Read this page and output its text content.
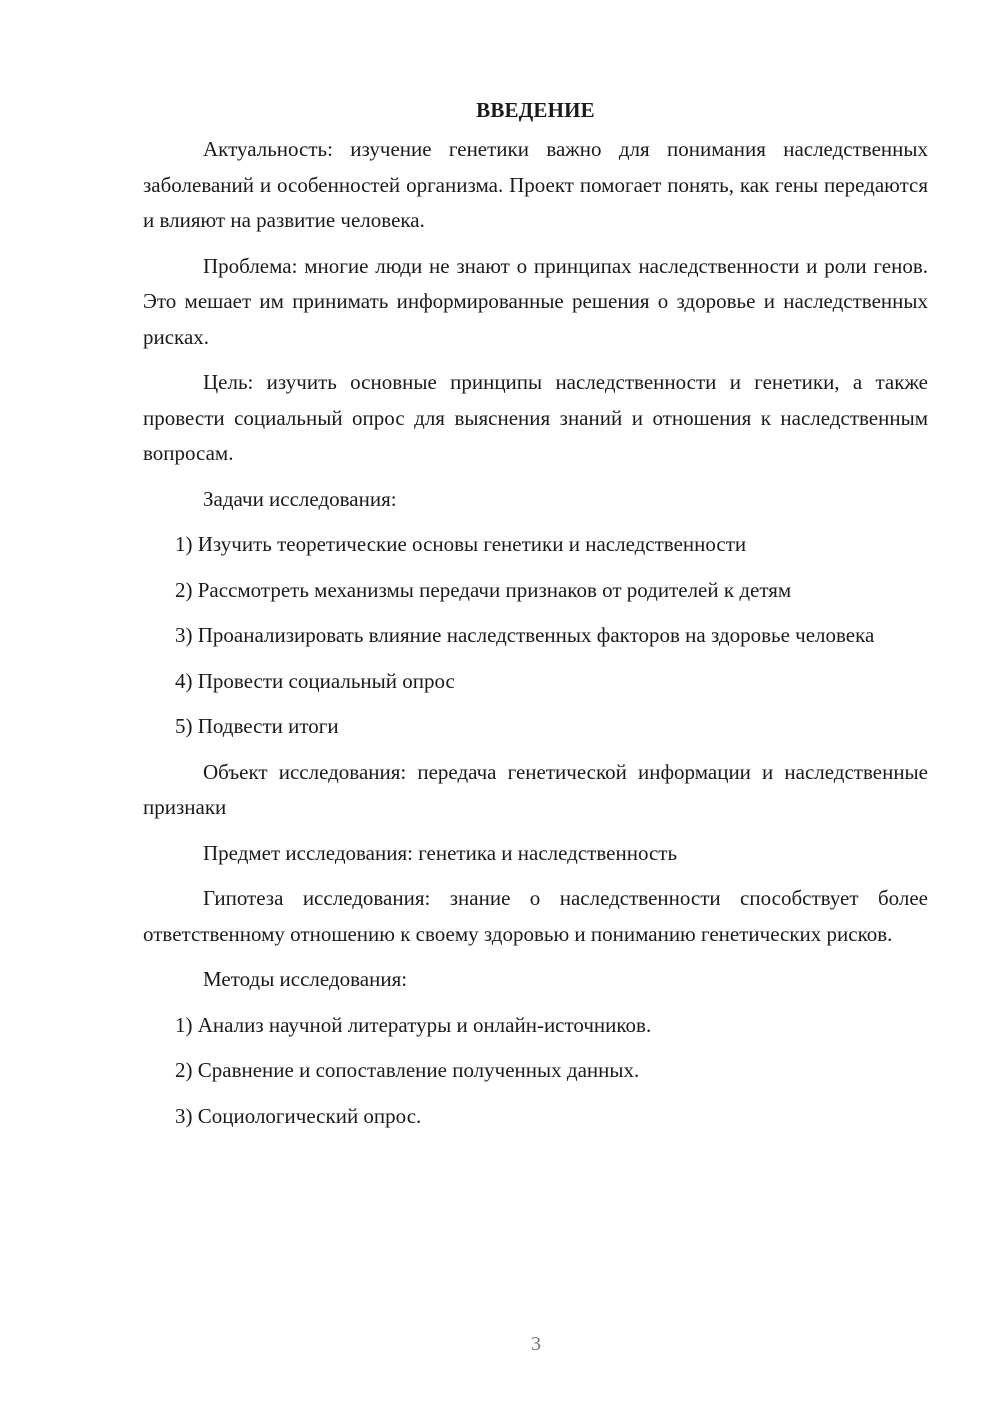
ВВЕДЕНИЕ

Актуальность: изучение генетики важно для понимания наследственных заболеваний и особенностей организма. Проект помогает понять, как гены передаются и влияют на развитие человека.

Проблема: многие люди не знают о принципах наследственности и роли генов. Это мешает им принимать информированные решения о здоровье и наследственных рисках.

Цель: изучить основные принципы наследственности и генетики, а также провести социальный опрос для выяснения знаний и отношения к наследственным вопросам.

Задачи исследования:

1) Изучить теоретические основы генетики и наследственности

2) Рассмотреть механизмы передачи признаков от родителей к детям

3) Проанализировать влияние наследственных факторов на здоровье человека

4) Провести социальный опрос

5) Подвести итоги

Объект исследования: передача генетической информации и наследственные признаки

Предмет исследования: генетика и наследственность

Гипотеза исследования: знание о наследственности способствует более ответственному отношению к своему здоровью и пониманию генетических рисков.

Методы исследования:

1) Анализ научной литературы и онлайн-источников.

2) Сравнение и сопоставление полученных данных.

3) Социологический опрос.

3
